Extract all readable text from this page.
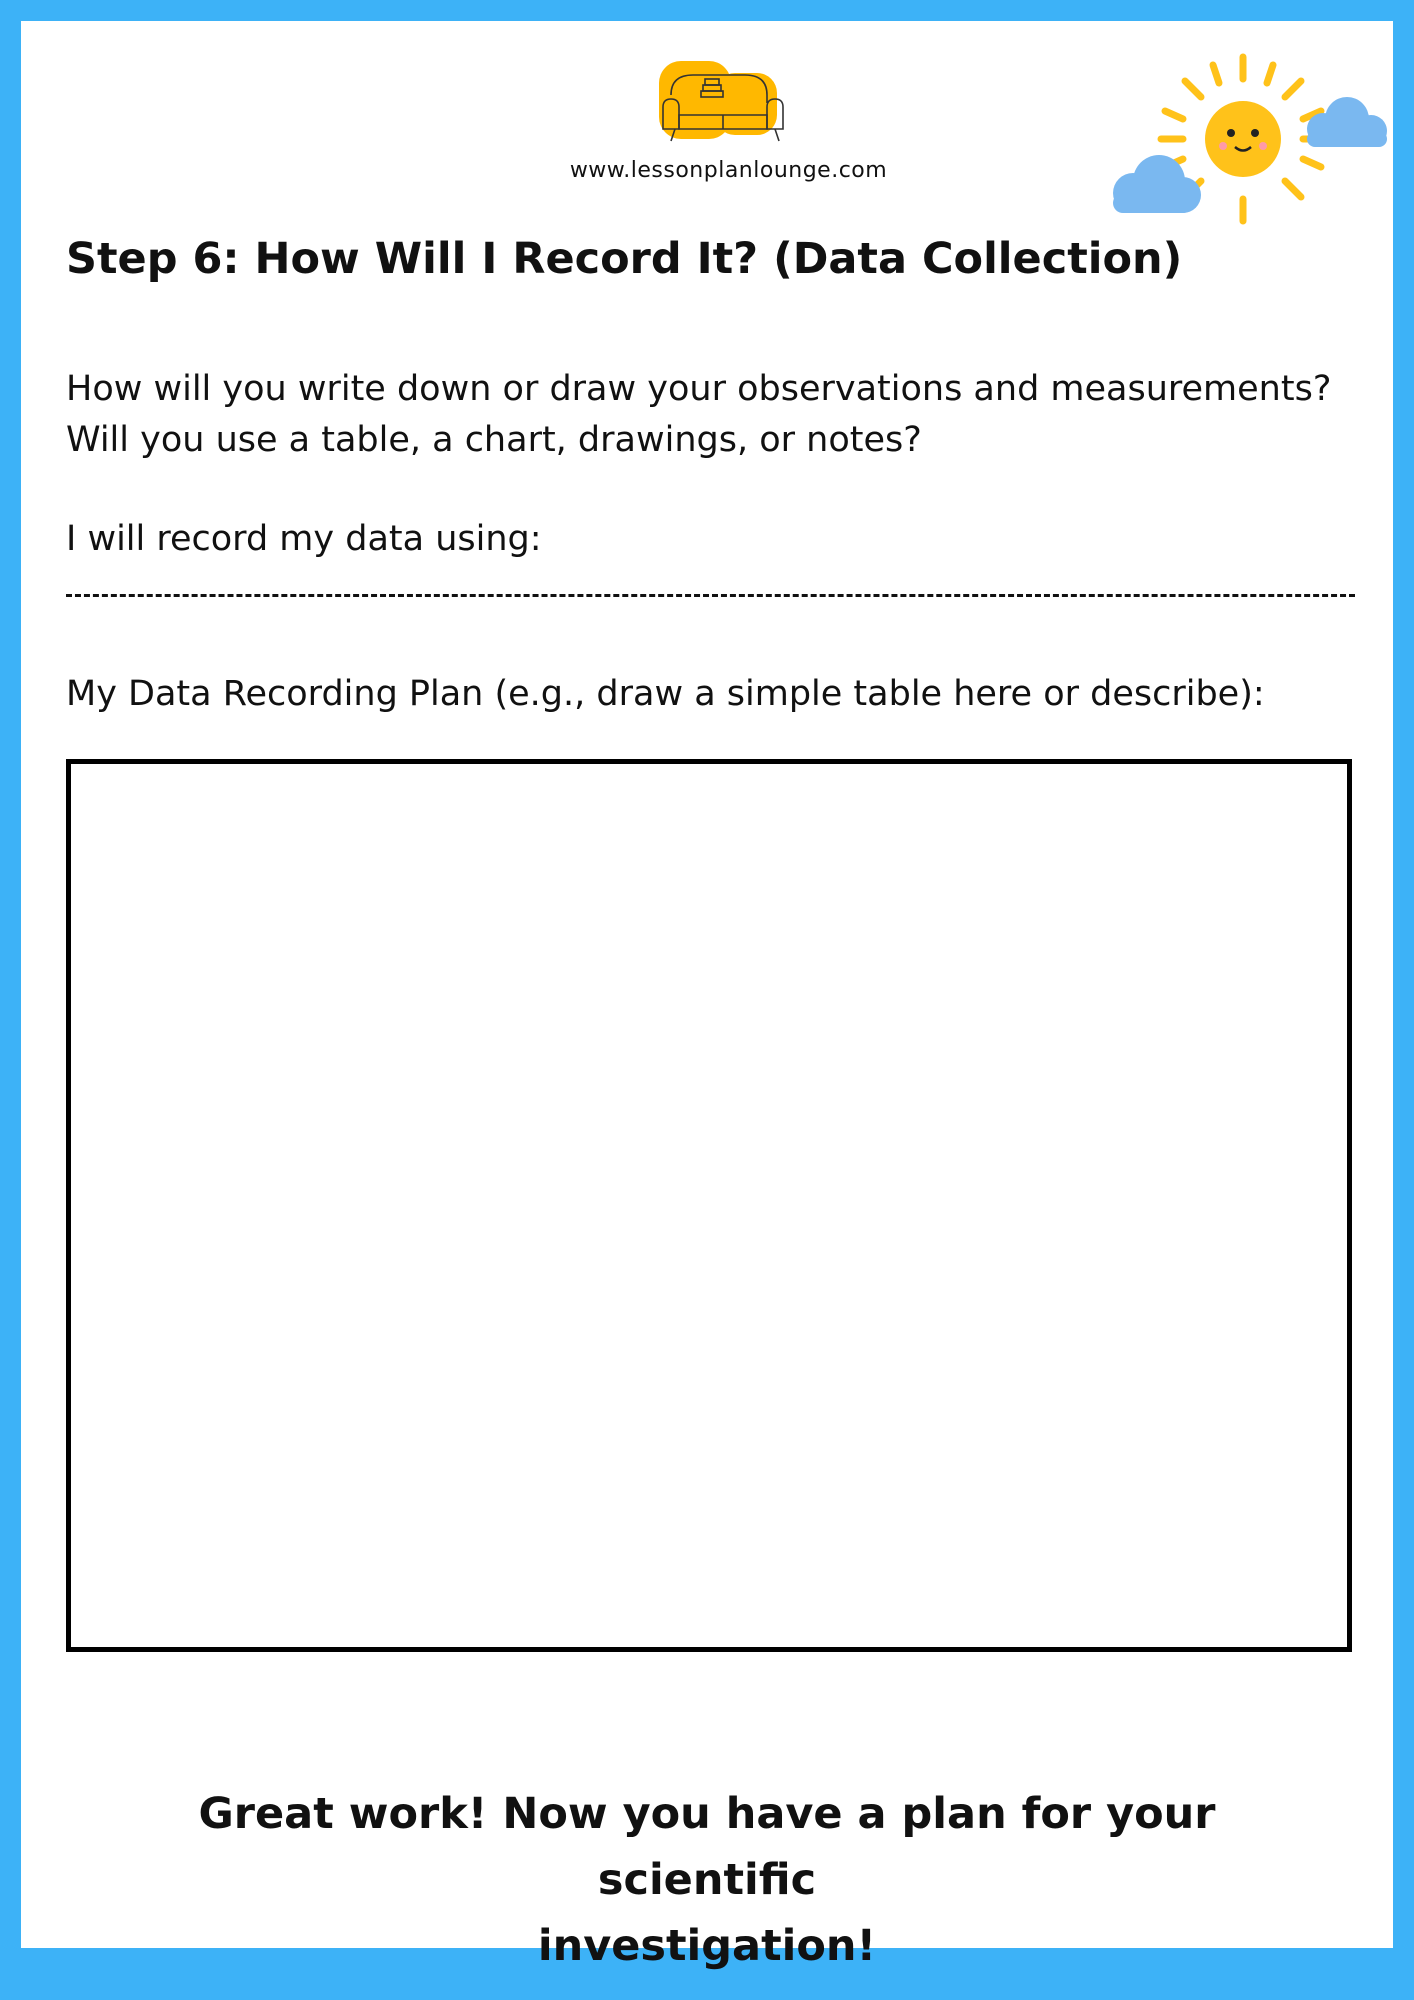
www.lessonplanlounge.com
Step 6: How Will I Record It? (Data Collection)
How will you write down or draw your observations and measurements?
Will you use a table, a chart, drawings, or notes?
I will record my data using:
My Data Recording Plan (e.g., draw a simple table here or describe):
Great work! Now you have a plan for your scientific
investigation!
